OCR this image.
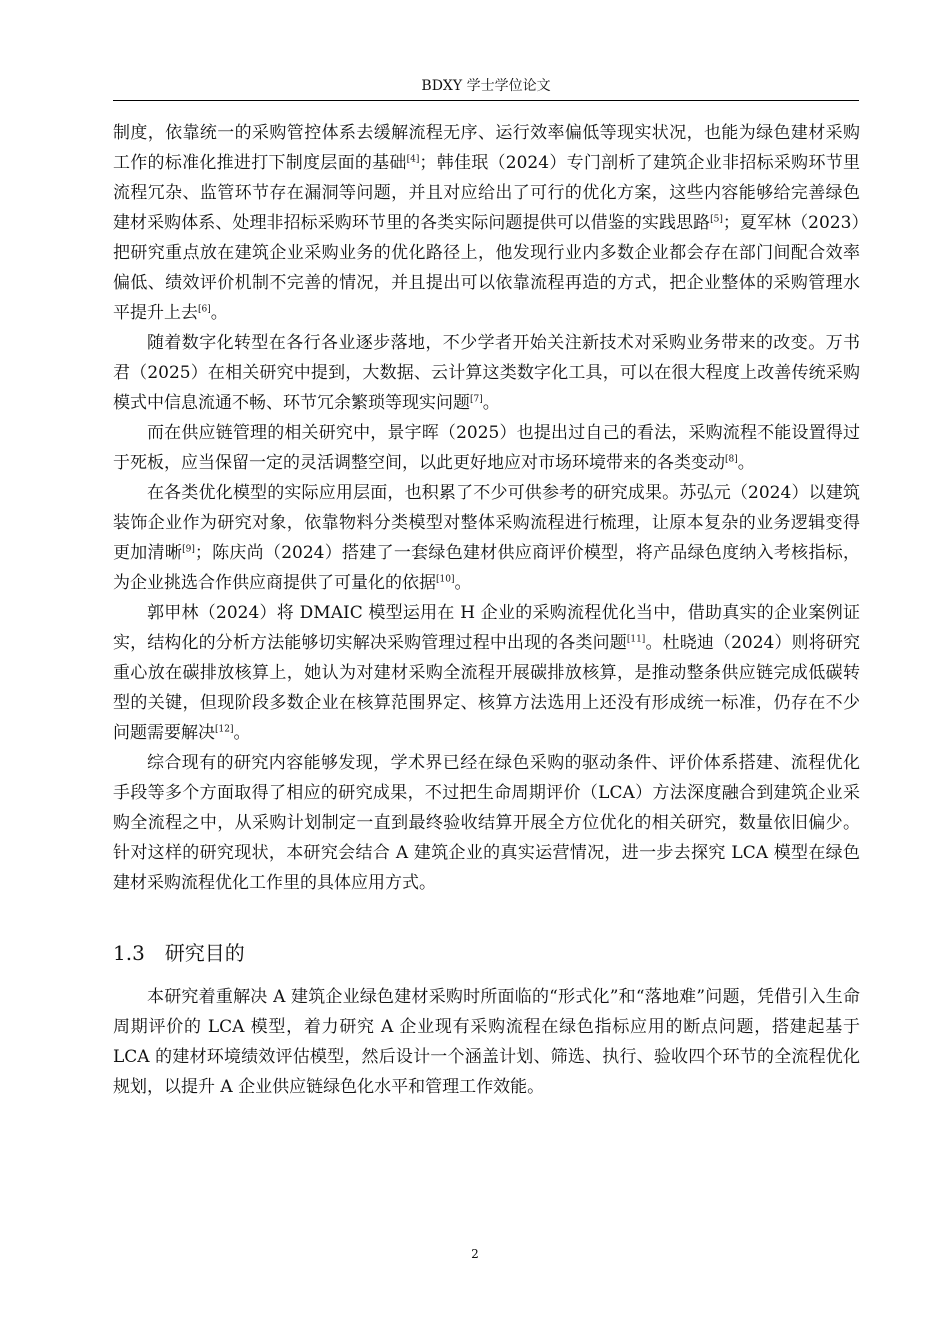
BDXY 学士学位论文

制度，依靠统一的采购管控体系去缓解流程无序、运行效率偏低等现实状况，也能为绿色建材采购工作的标准化推进打下制度层面的基础[4]；韩佳珉（2024）专门剖析了建筑企业非招标采购环节里流程冗杂、监管环节存在漏洞等问题，并且对应给出了可行的优化方案，这些内容能够给完善绿色建材采购体系、处理非招标采购环节里的各类实际问题提供可以借鉴的实践思路[5]；夏军林（2023）把研究重点放在建筑企业采购业务的优化路径上，他发现行业内多数企业都会存在部门间配合效率偏低、绩效评价机制不完善的情况，并且提出可以依靠流程再造的方式，把企业整体的采购管理水平提升上去[6]。

随着数字化转型在各行各业逐步落地，不少学者开始关注新技术对采购业务带来的改变。万书君（2025）在相关研究中提到，大数据、云计算这类数字化工具，可以在很大程度上改善传统采购模式中信息流通不畅、环节冗余繁琐等现实问题[7]。

而在供应链管理的相关研究中，景宇晖（2025）也提出过自己的看法，采购流程不能设置得过于死板，应当保留一定的灵活调整空间，以此更好地应对市场环境带来的各类变动[8]。

在各类优化模型的实际应用层面，也积累了不少可供参考的研究成果。苏弘元（2024）以建筑装饰企业作为研究对象，依靠物料分类模型对整体采购流程进行梳理，让原本复杂的业务逻辑变得更加清晰[9]；陈庆尚（2024）搭建了一套绿色建材供应商评价模型，将产品绿色度纳入考核指标，为企业挑选合作供应商提供了可量化的依据[10]。

郭甲林（2024）将 DMAIC 模型运用在 H 企业的采购流程优化当中，借助真实的企业案例证实，结构化的分析方法能够切实解决采购管理过程中出现的各类问题[11]。杜晓迪（2024）则将研究重心放在碳排放核算上，她认为对建材采购全流程开展碳排放核算，是推动整条供应链完成低碳转型的关键，但现阶段多数企业在核算范围界定、核算方法选用上还没有形成统一标准，仍存在不少问题需要解决[12]。

综合现有的研究内容能够发现，学术界已经在绿色采购的驱动条件、评价体系搭建、流程优化手段等多个方面取得了相应的研究成果，不过把生命周期评价（LCA）方法深度融合到建筑企业采购全流程之中，从采购计划制定一直到最终验收结算开展全方位优化的相关研究，数量依旧偏少。针对这样的研究现状，本研究会结合 A 建筑企业的真实运营情况，进一步去探究 LCA 模型在绿色建材采购流程优化工作里的具体应用方式。

1.3 研究目的

本研究着重解决 A 建筑企业绿色建材采购时所面临的“形式化”和“落地难”问题，凭借引入生命周期评价的 LCA 模型，着力研究 A 企业现有采购流程在绿色指标应用的断点问题，搭建起基于 LCA 的建材环境绩效评估模型，然后设计一个涵盖计划、筛选、执行、验收四个环节的全流程优化规划，以提升 A 企业供应链绿色化水平和管理工作效能。

2
